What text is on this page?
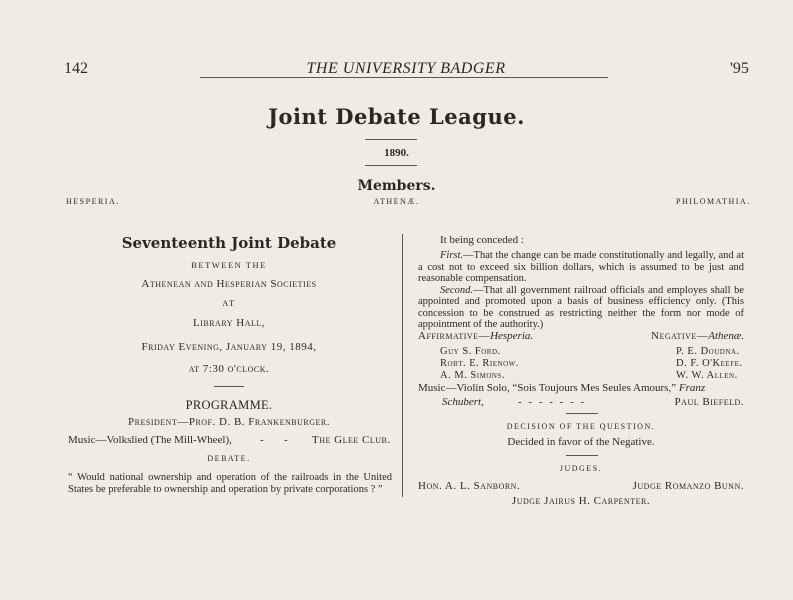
142	THE UNIVERSITY BADGER	'95
Joint Debate League.
1890.
Members.
HESPERIA.	ATHENÆ.	PHILOMATHIA.
Seventeenth Joint Debate
BETWEEN THE
Athenean and Hesperian Societies
AT
Library Hall,
Friday Evening, January 19, 1894,
at 7:30 o'clock.
PROGRAMME.
President—Prof. D. B. Frankenburger.
Music—Volkslied (The Mill-Wheel),	- - The Glee Club.
DEBATE.
“ Would national ownership and operation of the railroads in the United States be preferable to ownership and operation by private corporations ? ”
It being conceded :

First.—That the change can be made constitutionally and legally, and at a cost not to exceed six billion dollars, which is assumed to be just and reasonable compensation.

Second.—That all government railroad officials and employes shall be appointed and promoted upon a basis of business efficiency only. (This concession to be construed as restricting neither the form nor mode of appointment of the authority.)

Affirmative—Hesperia.	Negative—Athenæ.
Guy S. Ford.	P. E. Doudna.
Robt. E. Rienow.	D. F. O'Keefe.
A. M. Simons.	W. W. Allen.
Music—Violin Solo, “Sois Toujours Mes Seules Amours,” Franz
Schubert,	- - - - - - -	Paul Biefeld.
DECISION OF THE QUESTION.
Decided in favor of the Negative.
JUDGES.
Hon. A. L. Sanborn.	Judge Romanzo Bunn.
Judge Jairus H. Carpenter.
